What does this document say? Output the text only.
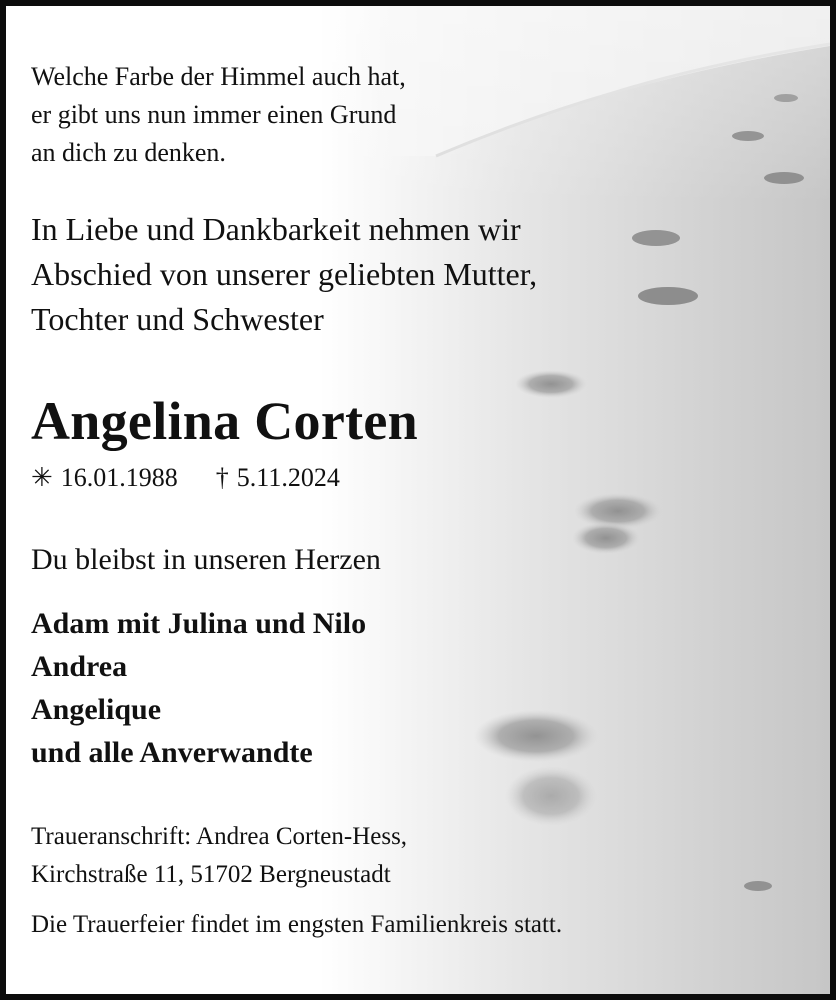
Welche Farbe der Himmel auch hat,
er gibt uns nun immer einen Grund
an dich zu denken.

In Liebe und Dankbarkeit nehmen wir
Abschied von unserer geliebten Mutter,
Tochter und Schwester

Angelina Corten

✳ 16.01.1988 † 5.11.2024

Du bleibst in unseren Herzen

Adam mit Julina und Nilo
Andrea
Angelique
und alle Anverwandte

Traueranschrift: Andrea Corten-Hess,
Kirchstraße 11, 51702 Bergneustadt

Die Trauerfeier findet im engsten Familienkreis statt.
